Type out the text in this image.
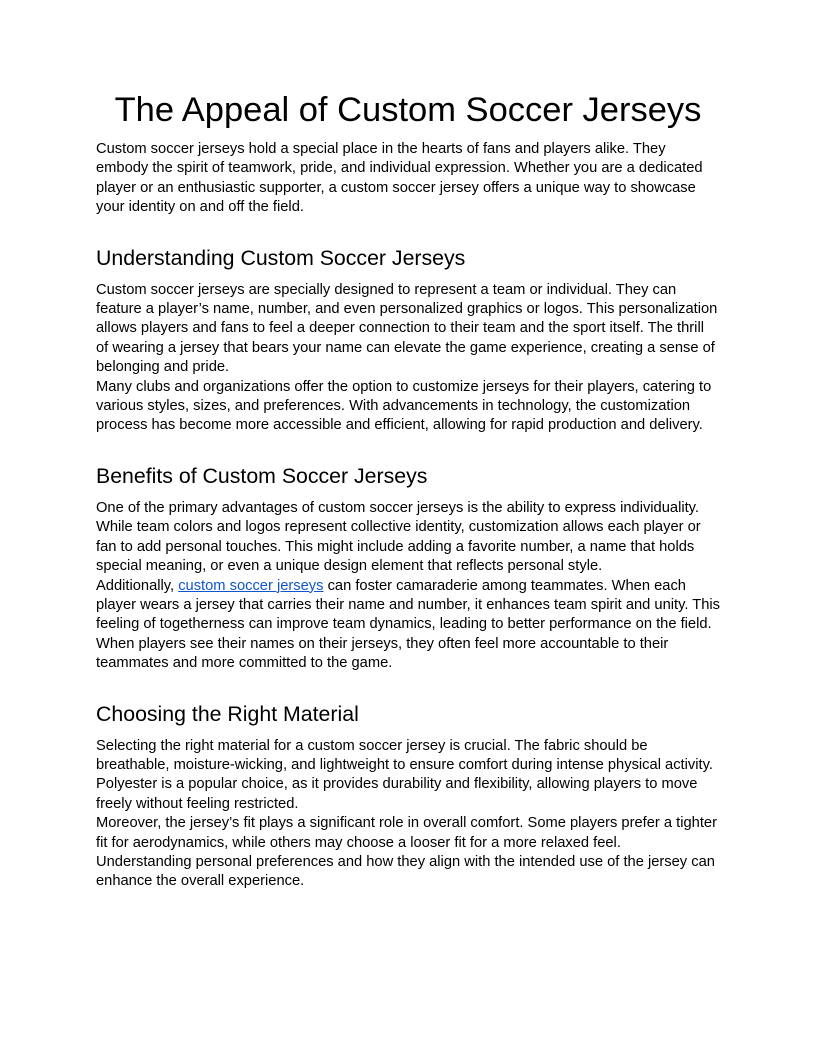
The Appeal of Custom Soccer Jerseys

Custom soccer jerseys hold a special place in the hearts of fans and players alike. They embody the spirit of teamwork, pride, and individual expression. Whether you are a dedicated player or an enthusiastic supporter, a custom soccer jersey offers a unique way to showcase your identity on and off the field.

Understanding Custom Soccer Jerseys

Custom soccer jerseys are specially designed to represent a team or individual. They can feature a player’s name, number, and even personalized graphics or logos. This personalization allows players and fans to feel a deeper connection to their team and the sport itself. The thrill of wearing a jersey that bears your name can elevate the game experience, creating a sense of belonging and pride.

Many clubs and organizations offer the option to customize jerseys for their players, catering to various styles, sizes, and preferences. With advancements in technology, the customization process has become more accessible and efficient, allowing for rapid production and delivery.

Benefits of Custom Soccer Jerseys

One of the primary advantages of custom soccer jerseys is the ability to express individuality. While team colors and logos represent collective identity, customization allows each player or fan to add personal touches. This might include adding a favorite number, a name that holds special meaning, or even a unique design element that reflects personal style.

Additionally, custom soccer jerseys can foster camaraderie among teammates. When each player wears a jersey that carries their name and number, it enhances team spirit and unity. This feeling of togetherness can improve team dynamics, leading to better performance on the field. When players see their names on their jerseys, they often feel more accountable to their teammates and more committed to the game.

Choosing the Right Material

Selecting the right material for a custom soccer jersey is crucial. The fabric should be breathable, moisture-wicking, and lightweight to ensure comfort during intense physical activity. Polyester is a popular choice, as it provides durability and flexibility, allowing players to move freely without feeling restricted.

Moreover, the jersey’s fit plays a significant role in overall comfort. Some players prefer a tighter fit for aerodynamics, while others may choose a looser fit for a more relaxed feel. Understanding personal preferences and how they align with the intended use of the jersey can enhance the overall experience.
